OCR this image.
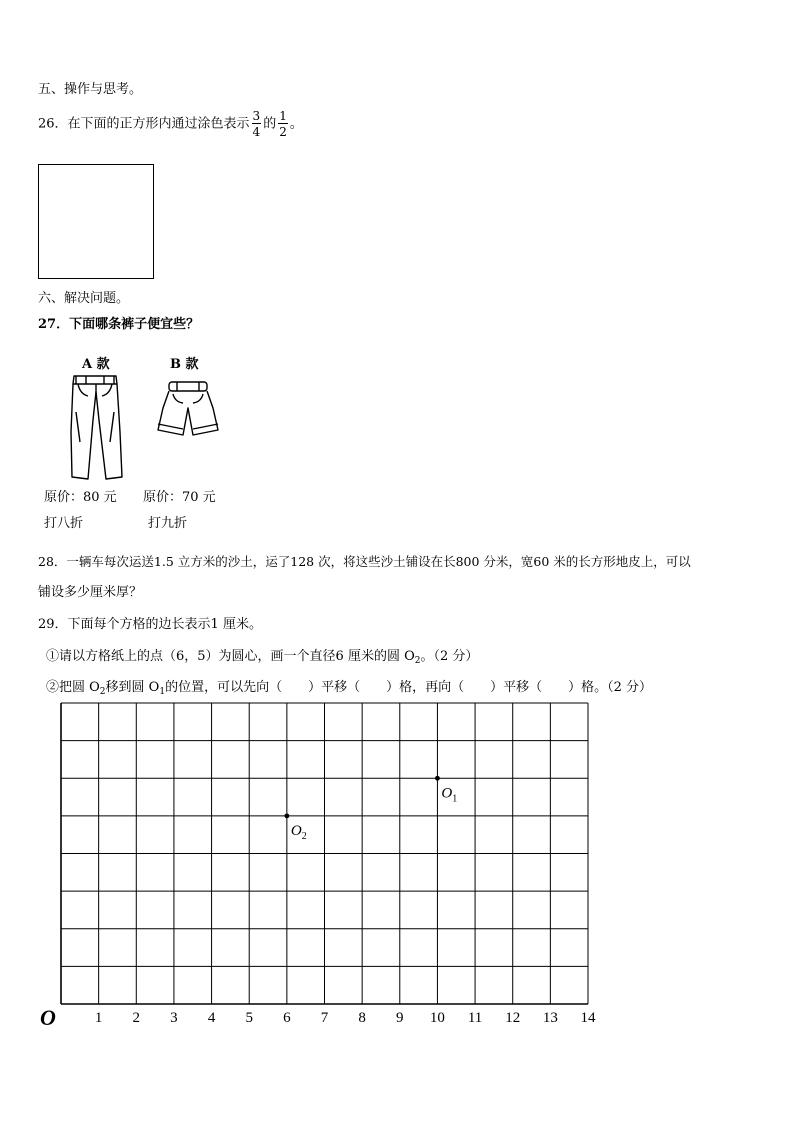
五、操作与思考。
26．在下面的正方形内通过涂色表示 $\frac{3}{4}$ 的 $\frac{1}{2}$ 。
六、解决问题。
27．下面哪条裤子便宜些？
A 款	B 款
原价：80 元 原价：70 元
打八折	打九折
28．一辆车每次运送1.5 立方米的沙土，运了128 次，将这些沙土铺设在长800 分米，宽60 米的长方形地皮上，可以
铺设多少厘米厚？
29．下面每个方格的边长表示1 厘米。
①请以方格纸上的点（6，5）为圆心，画一个直径6 厘米的圆 $O_2$。（2 分）
②把圆 $O_2$移到圆 $O_1$的位置，可以先向（　　）平移（　　）格，再向（　　）平移（　　）格。（2 分）
O	1 2 3 4 5 6 7 8 9 10 11 12 13 14
$O_1$
$O_2$
